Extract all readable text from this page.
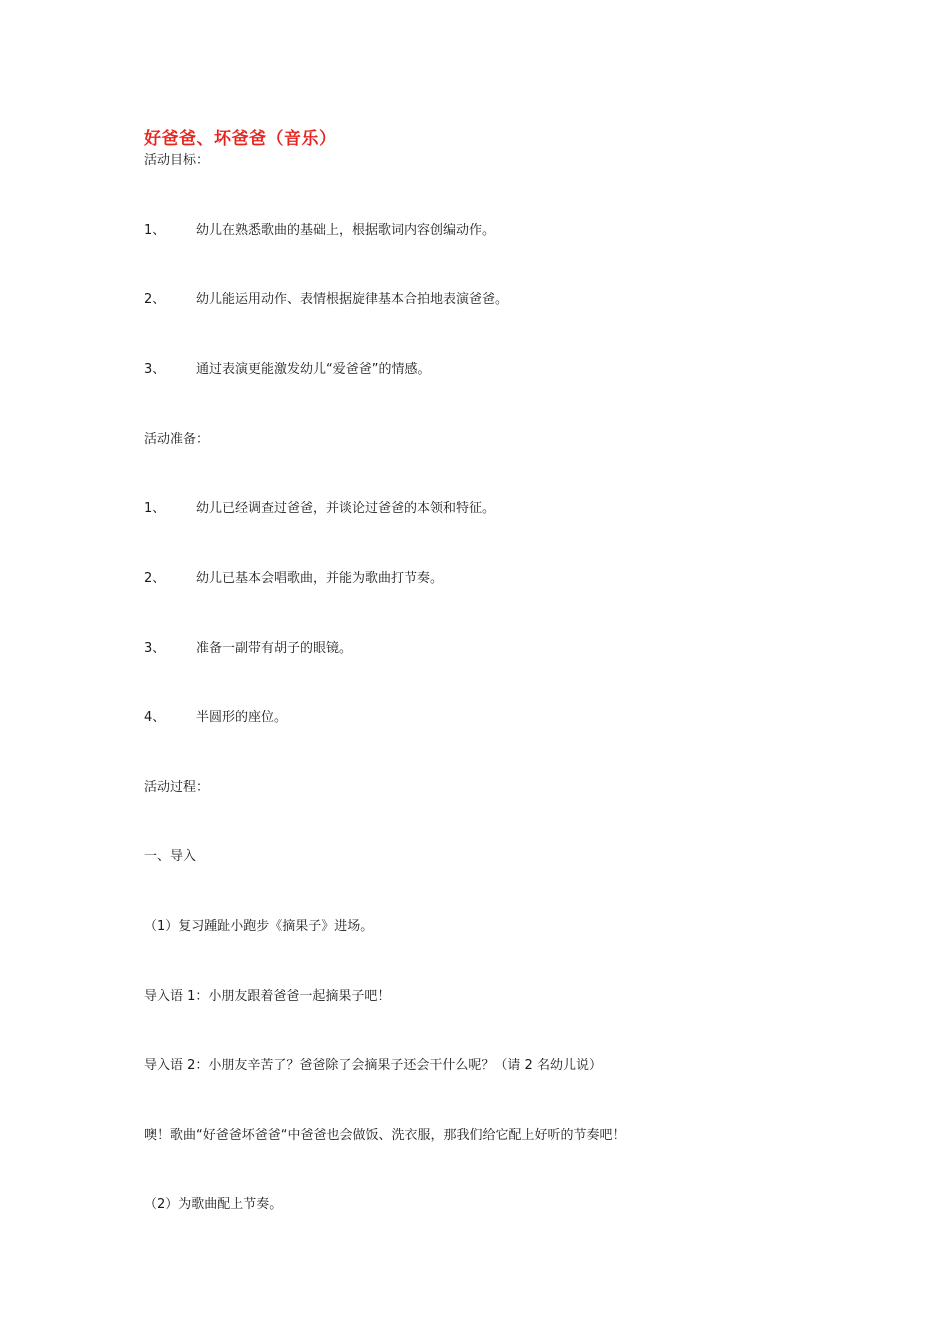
好爸爸、坏爸爸（音乐）
活动目标：
1、 幼儿在熟悉歌曲的基础上，根据歌词内容创编动作。
2、 幼儿能运用动作、表情根据旋律基本合拍地表演爸爸。
3、 通过表演更能激发幼儿“爱爸爸”的情感。
活动准备：
1、 幼儿已经调查过爸爸，并谈论过爸爸的本领和特征。
2、 幼儿已基本会唱歌曲，并能为歌曲打节奏。
3、 准备一副带有胡子的眼镜。
4、 半圆形的座位。
活动过程：
一、导入
（1）复习踵趾小跑步《摘果子》进场。
导入语 1：小朋友跟着爸爸一起摘果子吧！
导入语 2：小朋友辛苦了？爸爸除了会摘果子还会干什么呢？（请 2 名幼儿说）
噢！歌曲“好爸爸坏爸爸“中爸爸也会做饭、洗衣服，那我们给它配上好听的节奏吧！
（2）为歌曲配上节奏。
